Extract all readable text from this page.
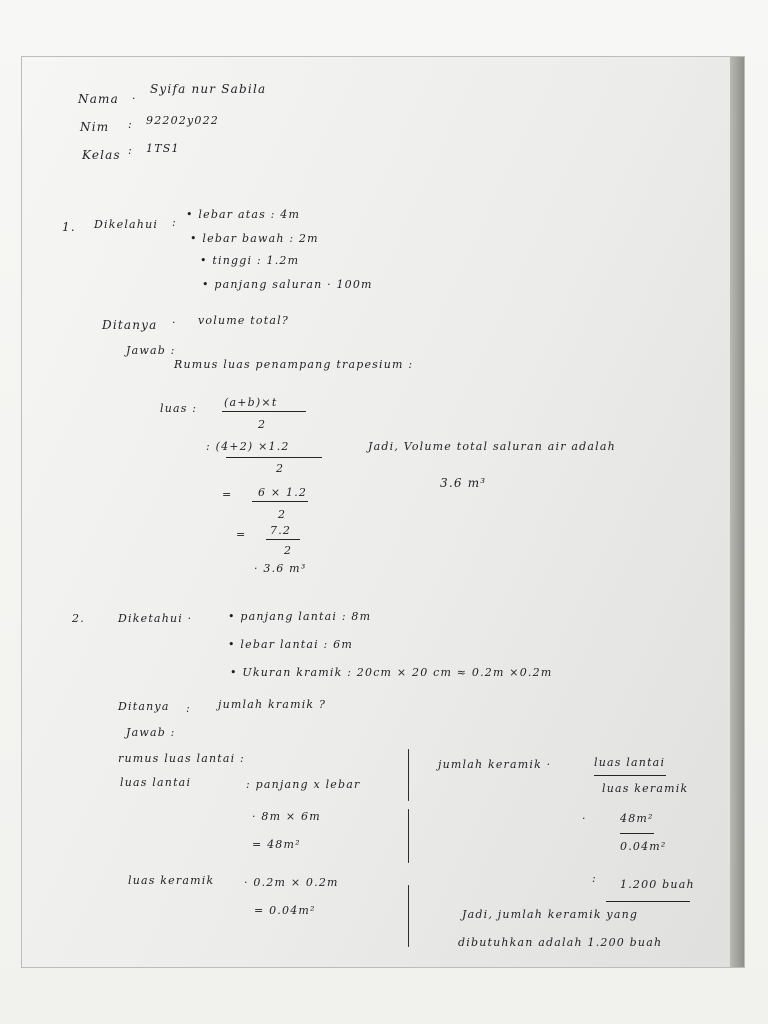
Nama ·
Syifa nur Sabila
Nim : 92202y022
Kelas : 1TS1
1. Dikelahui :
• lebar atas : 4m
• lebar bawah : 2m
• tinggi : 1.2m
• panjang saluran · 100m
Ditanya · volume total?
Jawab :
Rumus luas penampang trapesium :
luas : (a+b)×t
2
: (4+2) ×1.2
2
= 6 × 1.2
2
= 7.2
2
· 3.6 m³
Jadi, Volume total saluran air adalah
3.6 m³
2.	Diketahui ·	• panjang lantai : 8m
• lebar lantai : 6m
• Ukuran kramik : 20cm × 20 cm ≈ 0.2m ×0.2m
Ditanya : jumlah kramik ?
Jawab :
rumus luas lantai :
luas lantai	: panjang x lebar
· 8m × 6m
= 48m²
luas keramik	· 0.2m × 0.2m
= 0.04m²
jumlah keramik ·	luas lantai
luas keramik
·	48m²
0.04m²
: 1.200 buah
Jadi, jumlah keramik yang
dibutuhkan adalah 1.200 buah
